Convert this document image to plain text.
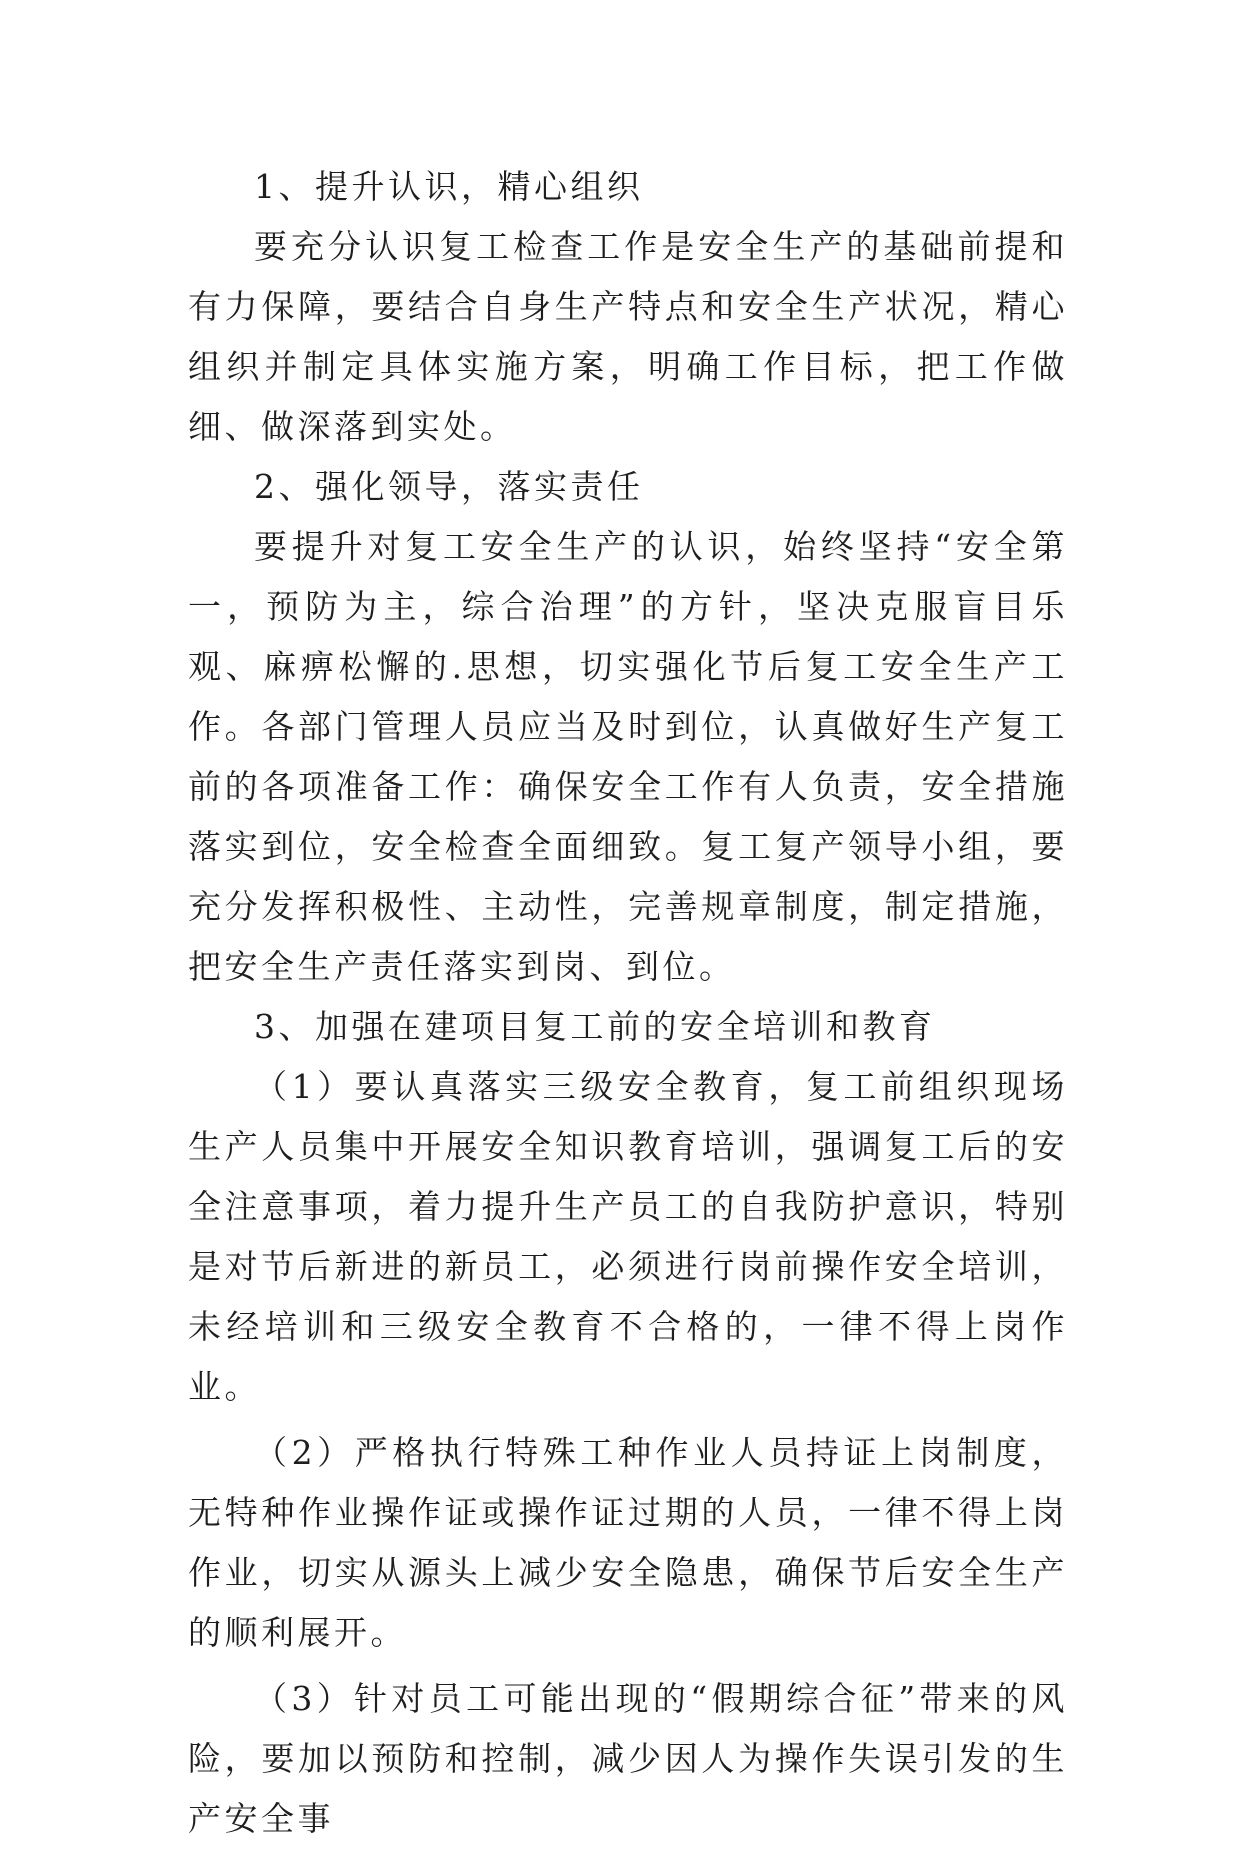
1、提升认识，精心组织

要充分认识复工检查工作是安全生产的基础前提和有力保障，要结合自身生产特点和安全生产状况，精心组织并制定具体实施方案，明确工作目标，把工作做细、做深落到实处。

2、强化领导，落实责任

要提升对复工安全生产的认识，始终坚持“安全第一，预防为主，综合治理”的方针，坚决克服盲目乐观、麻痹松懈的.思想，切实强化节后复工安全生产工作。各部门管理人员应当及时到位，认真做好生产复工前的各项准备工作：确保安全工作有人负责，安全措施落实到位，安全检查全面细致。复工复产领导小组，要充分发挥积极性、主动性，完善规章制度，制定措施，把安全生产责任落实到岗、到位。

3、加强在建项目复工前的安全培训和教育

（1）要认真落实三级安全教育，复工前组织现场生产人员集中开展安全知识教育培训，强调复工后的安全注意事项，着力提升生产员工的自我防护意识，特别是对节后新进的新员工，必须进行岗前操作安全培训，未经培训和三级安全教育不合格的，一律不得上岗作业。

（2）严格执行特殊工种作业人员持证上岗制度，无特种作业操作证或操作证过期的人员，一律不得上岗作业，切实从源头上减少安全隐患，确保节后安全生产的顺利展开。

（3）针对员工可能出现的“假期综合征”带来的风险，要加以预防和控制，减少因人为操作失误引发的生产安全事
